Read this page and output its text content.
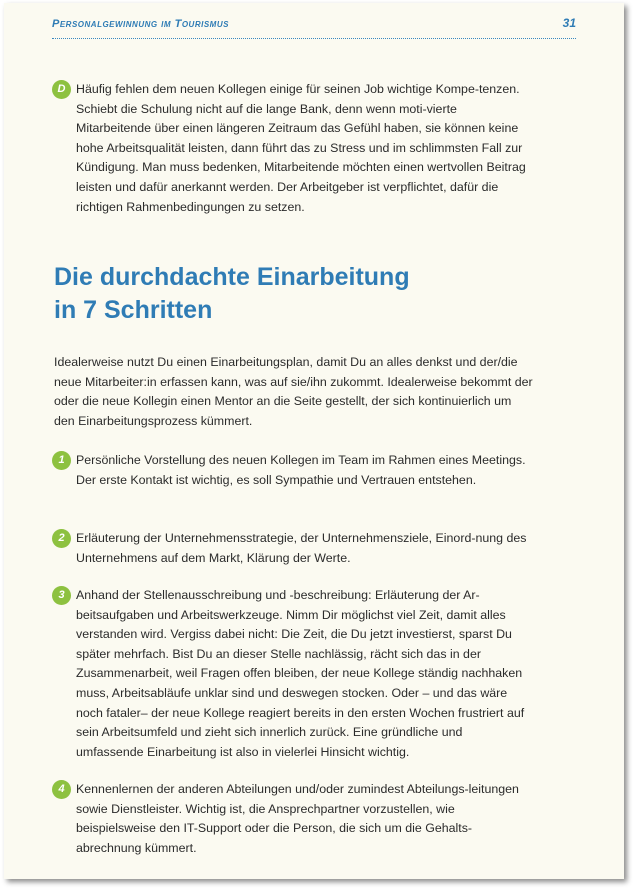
Personalgewinnung im Tourismus	31
D Häufig fehlen dem neuen Kollegen einige für seinen Job wichtige Kompe-tenzen. Schiebt die Schulung nicht auf die lange Bank, denn wenn moti-vierte Mitarbeitende über einen längeren Zeitraum das Gefühl haben, sie können keine hohe Arbeitsqualität leisten, dann führt das zu Stress und im schlimmsten Fall zur Kündigung. Man muss bedenken, Mitarbeitende möchten einen wertvollen Beitrag leisten und dafür anerkannt werden. Der Arbeitgeber ist verpflichtet, dafür die richtigen Rahmenbedingungen zu setzen.
Die durchdachte Einarbeitung
in 7 Schritten
Idealerweise nutzt Du einen Einarbeitungsplan, damit Du an alles denkst und der/die neue Mitarbeiter:in erfassen kann, was auf sie/ihn zukommt. Idealerweise bekommt der oder die neue Kollegin einen Mentor an die Seite gestellt, der sich kontinuierlich um den Einarbeitungsprozess kümmert.
1 Persönliche Vorstellung des neuen Kollegen im Team im Rahmen eines Meetings. Der erste Kontakt ist wichtig, es soll Sympathie und Vertrauen entstehen.
2 Erläuterung der Unternehmensstrategie, der Unternehmensziele, Einord-nung des Unternehmens auf dem Markt, Klärung der Werte.
3 Anhand der Stellenausschreibung und -beschreibung: Erläuterung der Ar-beitsaufgaben und Arbeitswerkzeuge. Nimm Dir möglichst viel Zeit, damit alles verstanden wird. Vergiss dabei nicht: Die Zeit, die Du jetzt investierst, sparst Du später mehrfach. Bist Du an dieser Stelle nachlässig, rächt sich das in der Zusammenarbeit, weil Fragen offen bleiben, der neue Kollege ständig nachhaken muss, Arbeitsabläufe unklar sind und deswegen stocken. Oder – und das wäre noch fataler– der neue Kollege reagiert bereits in den ersten Wochen frustriert auf sein Arbeitsumfeld und zieht sich innerlich zurück. Eine gründliche und umfassende Einarbeitung ist also in vielerlei Hinsicht wichtig.
4 Kennenlernen der anderen Abteilungen und/oder zumindest Abteilungs-leitungen sowie Dienstleister. Wichtig ist, die Ansprechpartner vorzustellen, wie beispielsweise den IT-Support oder die Person, die sich um die Gehalts-abrechnung kümmert.
